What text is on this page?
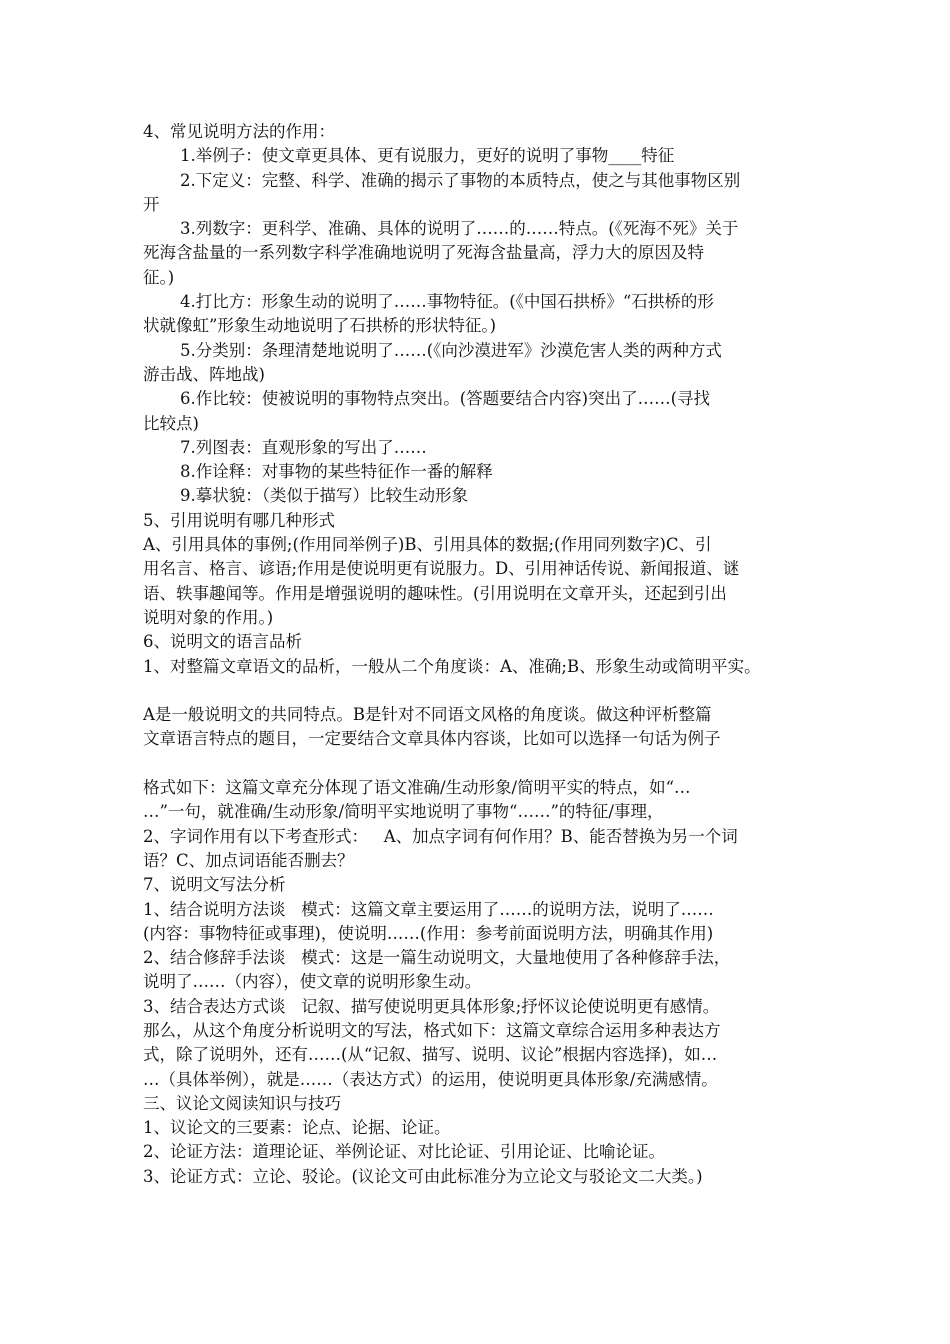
4、常见说明方法的作用：
1.举例子：使文章更具体、更有说服力，更好的说明了事物____特征
2.下定义：完整、科学、准确的揭示了事物的本质特点，使之与其他事物区别
开
3.列数字：更科学、准确、具体的说明了……的……特点。(《死海不死》关于
死海含盐量的一系列数字科学准确地说明了死海含盐量高，浮力大的原因及特
征。)
4.打比方：形象生动的说明了……事物特征。(《中国石拱桥》“石拱桥的形
状就像虹”形象生动地说明了石拱桥的形状特征。)
5.分类别：条理清楚地说明了……(《向沙漠进军》沙漠危害人类的两种方式
游击战、阵地战)
6.作比较：使被说明的事物特点突出。(答题要结合内容)突出了……(寻找
比较点)
7.列图表：直观形象的写出了……
8.作诠释：对事物的某些特征作一番的解释
9.摹状貌：（类似于描写）比较生动形象
5、引用说明有哪几种形式
A、引用具体的事例;(作用同举例子)B、引用具体的数据;(作用同列数字)C、引
用名言、格言、谚语;作用是使说明更有说服力。D、引用神话传说、新闻报道、谜
语、轶事趣闻等。作用是增强说明的趣味性。(引用说明在文章开头，还起到引出
说明对象的作用。)
6、说明文的语言品析
1、对整篇文章语文的品析，一般从二个角度谈：A、准确;B、形象生动或简明平实。
A是一般说明文的共同特点。B是针对不同语文风格的角度谈。做这种评析整篇
文章语言特点的题目，一定要结合文章具体内容谈，比如可以选择一句话为例子
格式如下：这篇文章充分体现了语文准确/生动形象/简明平实的特点，如“…
…”一句，就准确/生动形象/简明平实地说明了事物“……”的特征/事理，
2、字词作用有以下考查形式：   A、加点字词有何作用？B、能否替换为另一个词
语？C、加点词语能否删去？
7、说明文写法分析
1、结合说明方法谈   模式：这篇文章主要运用了……的说明方法，说明了……
(内容：事物特征或事理)，使说明……(作用：参考前面说明方法，明确其作用)
2、结合修辞手法谈   模式：这是一篇生动说明文，大量地使用了各种修辞手法，
说明了……（内容），使文章的说明形象生动。
3、结合表达方式谈   记叙、描写使说明更具体形象;抒怀议论使说明更有感情。
那么，从这个角度分析说明文的写法，格式如下：这篇文章综合运用多种表达方
式，除了说明外，还有……(从“记叙、描写、说明、议论”根据内容选择)，如…
…（具体举例），就是……（表达方式）的运用，使说明更具体形象/充满感情。
三、议论文阅读知识与技巧
1、议论文的三要素：论点、论据、论证。
2、论证方法：道理论证、举例论证、对比论证、引用论证、比喻论证。
3、论证方式：立论、驳论。(议论文可由此标准分为立论文与驳论文二大类。)
